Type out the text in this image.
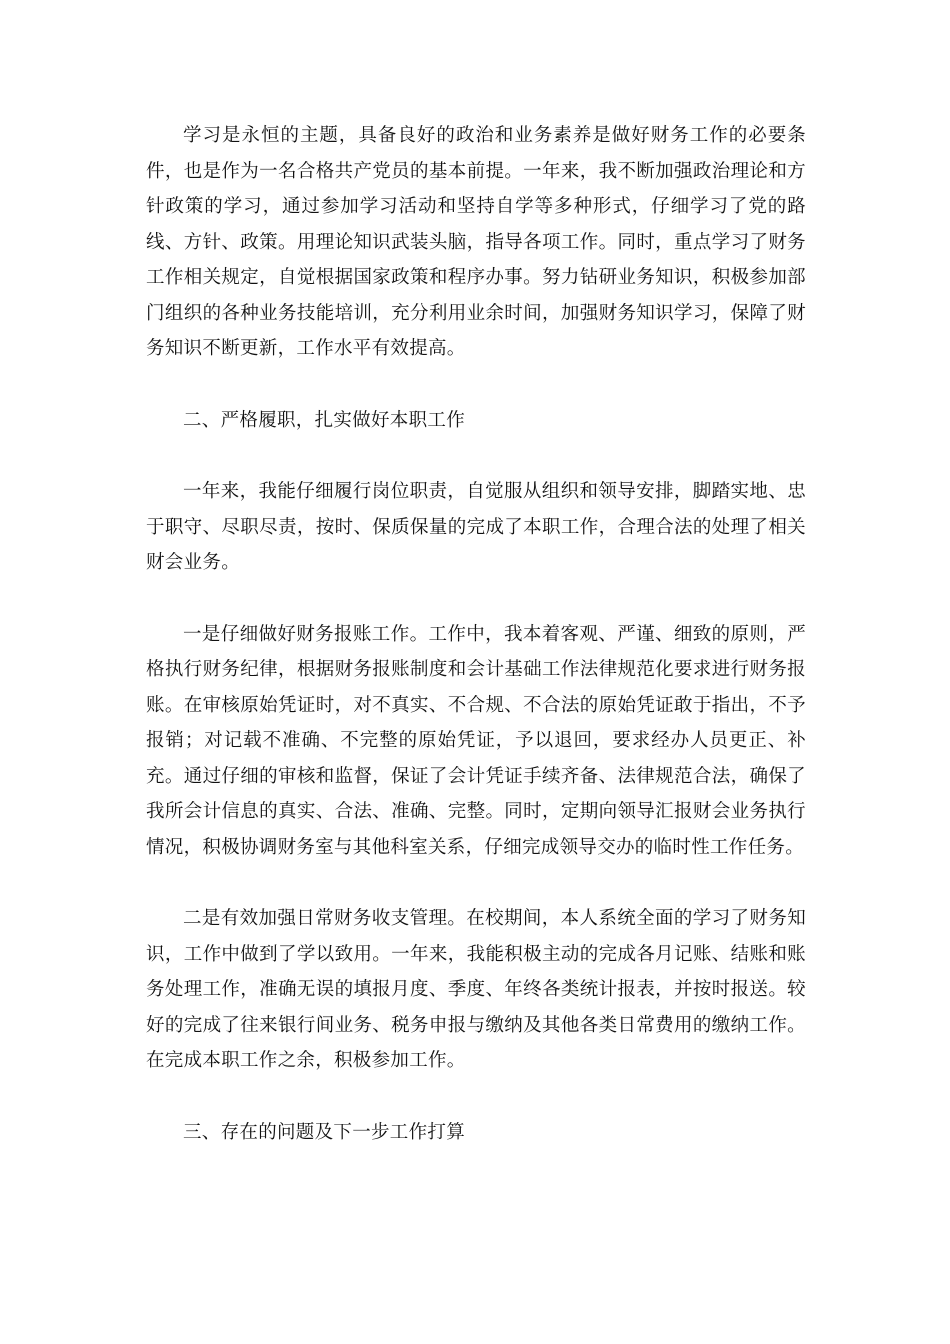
学习是永恒的主题，具备良好的政治和业务素养是做好财务工作的必要条件，也是作为一名合格共产党员的基本前提。一年来，我不断加强政治理论和方针政策的学习，通过参加学习活动和坚持自学等多种形式，仔细学习了党的路线、方针、政策。用理论知识武装头脑，指导各项工作。同时，重点学习了财务工作相关规定，自觉根据国家政策和程序办事。努力钻研业务知识，积极参加部门组织的各种业务技能培训，充分利用业余时间，加强财务知识学习，保障了财务知识不断更新，工作水平有效提高。

二、严格履职，扎实做好本职工作

一年来，我能仔细履行岗位职责，自觉服从组织和领导安排，脚踏实地、忠于职守、尽职尽责，按时、保质保量的完成了本职工作，合理合法的处理了相关财会业务。

一是仔细做好财务报账工作。工作中，我本着客观、严谨、细致的原则，严格执行财务纪律，根据财务报账制度和会计基础工作法律规范化要求进行财务报账。在审核原始凭证时，对不真实、不合规、不合法的原始凭证敢于指出，不予报销；对记载不准确、不完整的原始凭证，予以退回，要求经办人员更正、补充。通过仔细的审核和监督，保证了会计凭证手续齐备、法律规范合法，确保了我所会计信息的真实、合法、准确、完整。同时，定期向领导汇报财会业务执行情况，积极协调财务室与其他科室关系，仔细完成领导交办的临时性工作任务。

二是有效加强日常财务收支管理。在校期间，本人系统全面的学习了财务知识，工作中做到了学以致用。一年来，我能积极主动的完成各月记账、结账和账务处理工作，准确无误的填报月度、季度、年终各类统计报表，并按时报送。较好的完成了往来银行间业务、税务申报与缴纳及其他各类日常费用的缴纳工作。在完成本职工作之余，积极参加工作。

三、存在的问题及下一步工作打算
